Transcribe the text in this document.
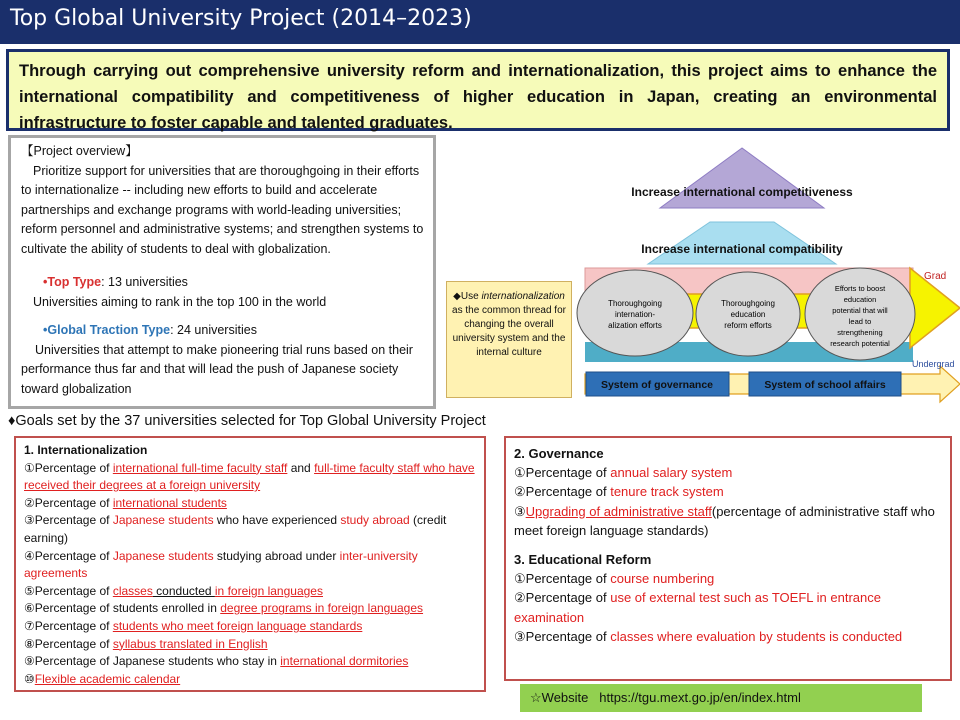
Top Global University Project (2014–2023)
Through carrying out comprehensive university reform and internationalization, this project aims to enhance the international compatibility and competitiveness of higher education in Japan, creating an environmental infrastructure to foster capable and talented graduates.
【Project overview】
Prioritize support for universities that are thoroughgoing in their efforts to internationalize -- including new efforts to build and accelerate partnerships and exchange programs with world-leading universities; reform personnel and administrative systems; and strengthen systems to cultivate the ability of students to deal with globalization.
•Top Type: 13 universities
Universities aiming to rank in the top 100 in the world
•Global Traction Type: 24 universities
Universities that attempt to make pioneering trial runs based on their performance thus far and that will lead the push of Japanese society toward globalization
Increase international competitiveness
Increase international compatibility
Grad
Undergrad
Thoroughgoing
internation-
alization efforts
Thoroughgoing
education
reform efforts
Efforts to boost
education
potential that will
lead to
strengthening
research potential
System of governance	System of school affairs
◆Use internationalization as the common thread for changing the overall university system and the internal culture
♦Goals set by the 37 universities selected for Top Global University Project
1. Internationalization
①Percentage of international full-time faculty staff and full-time faculty staff who have received their degrees at a foreign university
②Percentage of international students
③Percentage of Japanese students who have experienced study abroad (credit earning)
④Percentage of Japanese students studying abroad under inter-university agreements
⑤Percentage of classes conducted in foreign languages
⑥Percentage of students enrolled in degree programs in foreign languages
⑦Percentage of students who meet foreign language standards
⑧Percentage of syllabus translated in English
⑨Percentage of Japanese students who stay in international dormitories
⑩Flexible academic calendar
2. Governance
①Percentage of annual salary system
②Percentage of tenure track system
③Upgrading of administrative staff(percentage of administrative staff who meet foreign language standards)
3. Educational Reform
①Percentage of course numbering
②Percentage of use of external test such as TOEFL in entrance examination
③Percentage of classes where evaluation by students is conducted
☆Website https://tgu.mext.go.jp/en/index.html
